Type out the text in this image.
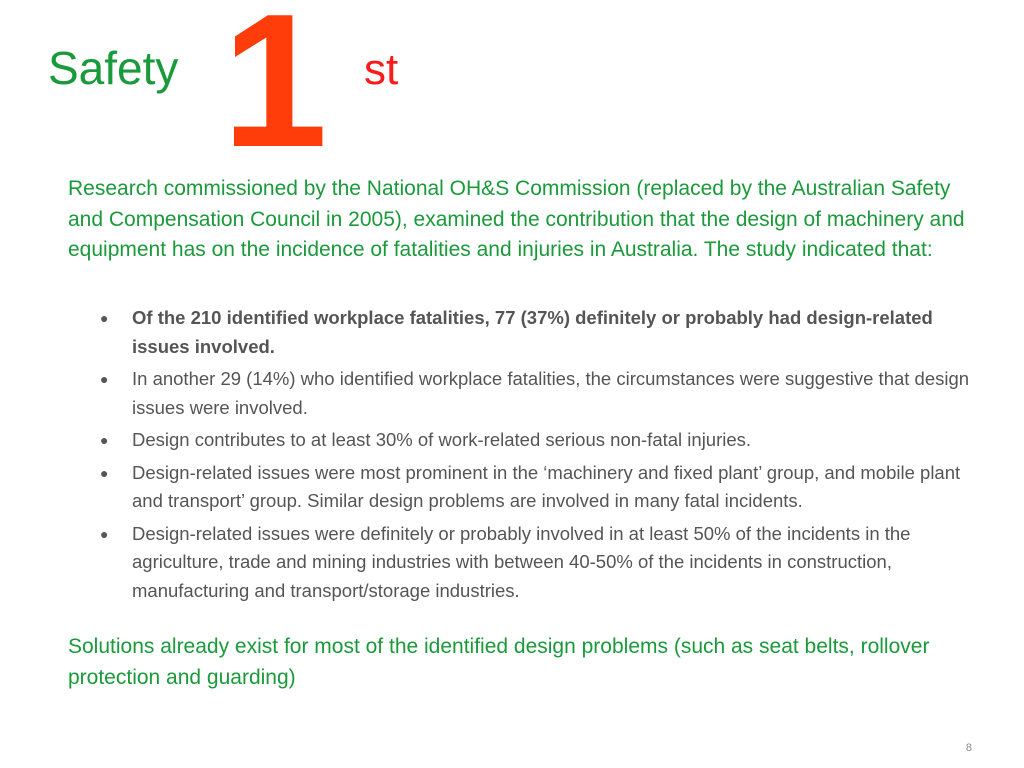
Safety 1 st

Research commissioned by the National OH&S Commission (replaced by the Australian Safety and Compensation Council in 2005), examined the contribution that the design of machinery and equipment has on the incidence of fatalities and injuries in Australia. The study indicated that:

● Of the 210 identified workplace fatalities, 77 (37%) definitely or probably had design-related issues involved.
● In another 29 (14%) who identified workplace fatalities, the circumstances were suggestive that design issues were involved.
● Design contributes to at least 30% of work-related serious non-fatal injuries.
● Design-related issues were most prominent in the ‘machinery and fixed plant’ group, and mobile plant and transport’ group. Similar design problems are involved in many fatal incidents.
● Design-related issues were definitely or probably involved in at least 50% of the incidents in the agriculture, trade and mining industries with between 40-50% of the incidents in construction, manufacturing and transport/storage industries.

Solutions already exist for most of the identified design problems (such as seat belts, rollover protection and guarding)

8
